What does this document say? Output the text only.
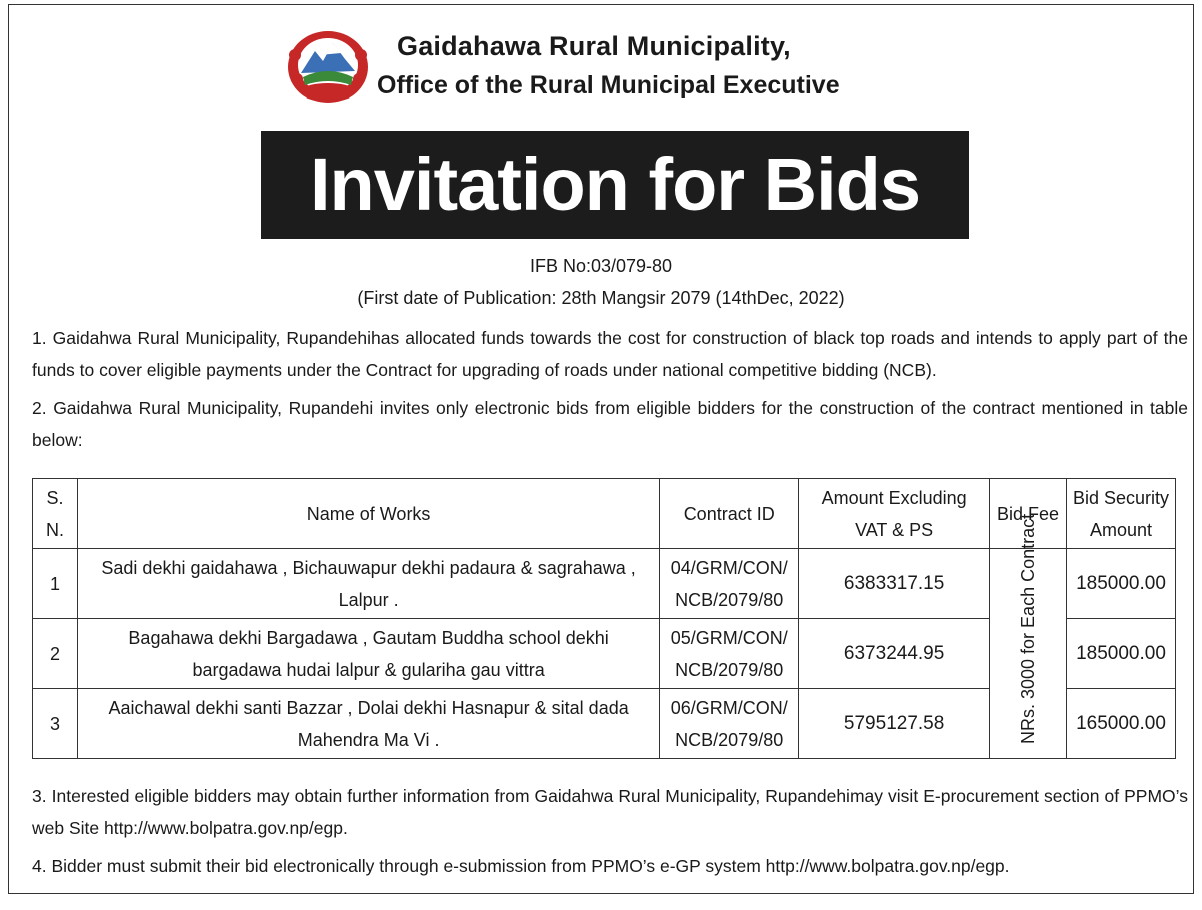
Gaidahawa Rural Municipality,
Office of the Rural Municipal Executive
Invitation for Bids
IFB No:03/079-80
(First date of Publication: 28th Mangsir 2079 (14thDec, 2022)
1. Gaidahwa Rural Municipality, Rupandehihas allocated funds towards the cost for construction of black top roads and intends to apply part of the funds to cover eligible payments under the Contract for upgrading of roads under national competitive bidding (NCB).
2. Gaidahwa Rural Municipality, Rupandehi invites only electronic bids from eligible bidders for the construction of the contract mentioned in table below:
S. N.	Name of Works	Contract ID	Amount Excluding VAT & PS	Bid Fee	Bid Security Amount
1	Sadi dekhi gaidahawa , Bichauwapur dekhi padaura & sagrahawa , Lalpur .	04/GRM/CON/ NCB/2079/80	6383317.15	NRs. 3000 for Each Contract	185000.00
2	Bagahawa dekhi Bargadawa , Gautam Buddha school dekhi bargadawa hudai lalpur & gulariha gau vittra	05/GRM/CON/ NCB/2079/80	6373244.95		185000.00
3	Aaichawal dekhi santi Bazzar , Dolai dekhi Hasnapur & sital dada Mahendra Ma Vi .	06/GRM/CON/ NCB/2079/80	5795127.58		165000.00
3. Interested eligible bidders may obtain further information from Gaidahwa Rural Municipality, Rupandehimay visit E-procurement section of PPMO’s web Site http://www.bolpatra.gov.np/egp.
4. Bidder must submit their bid electronically through e-submission from PPMO’s e-GP system http://www.bolpatra.gov.np/egp.
